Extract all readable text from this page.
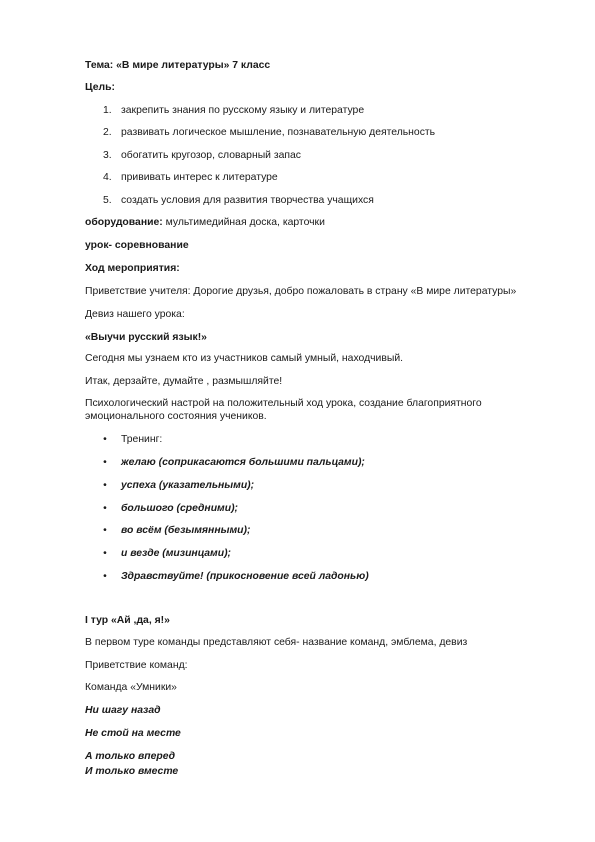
Тема: «В мире литературы» 7 класс
Цель:
1. закрепить знания по русскому языку и литературе
2. развивать логическое мышление, познавательную деятельность
3. обогатить кругозор, словарный запас
4. прививать интерес к литературе
5. создать условия для развития творчества учащихся
оборудование: мультимедийная доска, карточки
урок- соревнование
Ход мероприятия:
Приветствие учителя: Дорогие друзья, добро пожаловать в страну «В мире литературы»
Девиз нашего урока:
«Выучи русский язык!»
Сегодня мы узнаем кто из участников самый умный, находчивый.
Итак, дерзайте, думайте , размышляйте!
Психологический настрой на положительный ход урока, создание благоприятного
эмоционального состояния учеников.
• Тренинг:
• желаю (соприкасаются большими пальцами);
• успеха (указательными);
• большого (средними);
• во всём (безымянными);
• и везде (мизинцами);
• Здравствуйте! (прикосновение всей ладонью)
I тур «Ай ,да, я!»
В первом туре команды представляют себя- название команд, эмблема, девиз
Приветствие команд:
Команда «Умники»
Ни шагу назад
Не стой на месте
А только вперед
И только вместе
